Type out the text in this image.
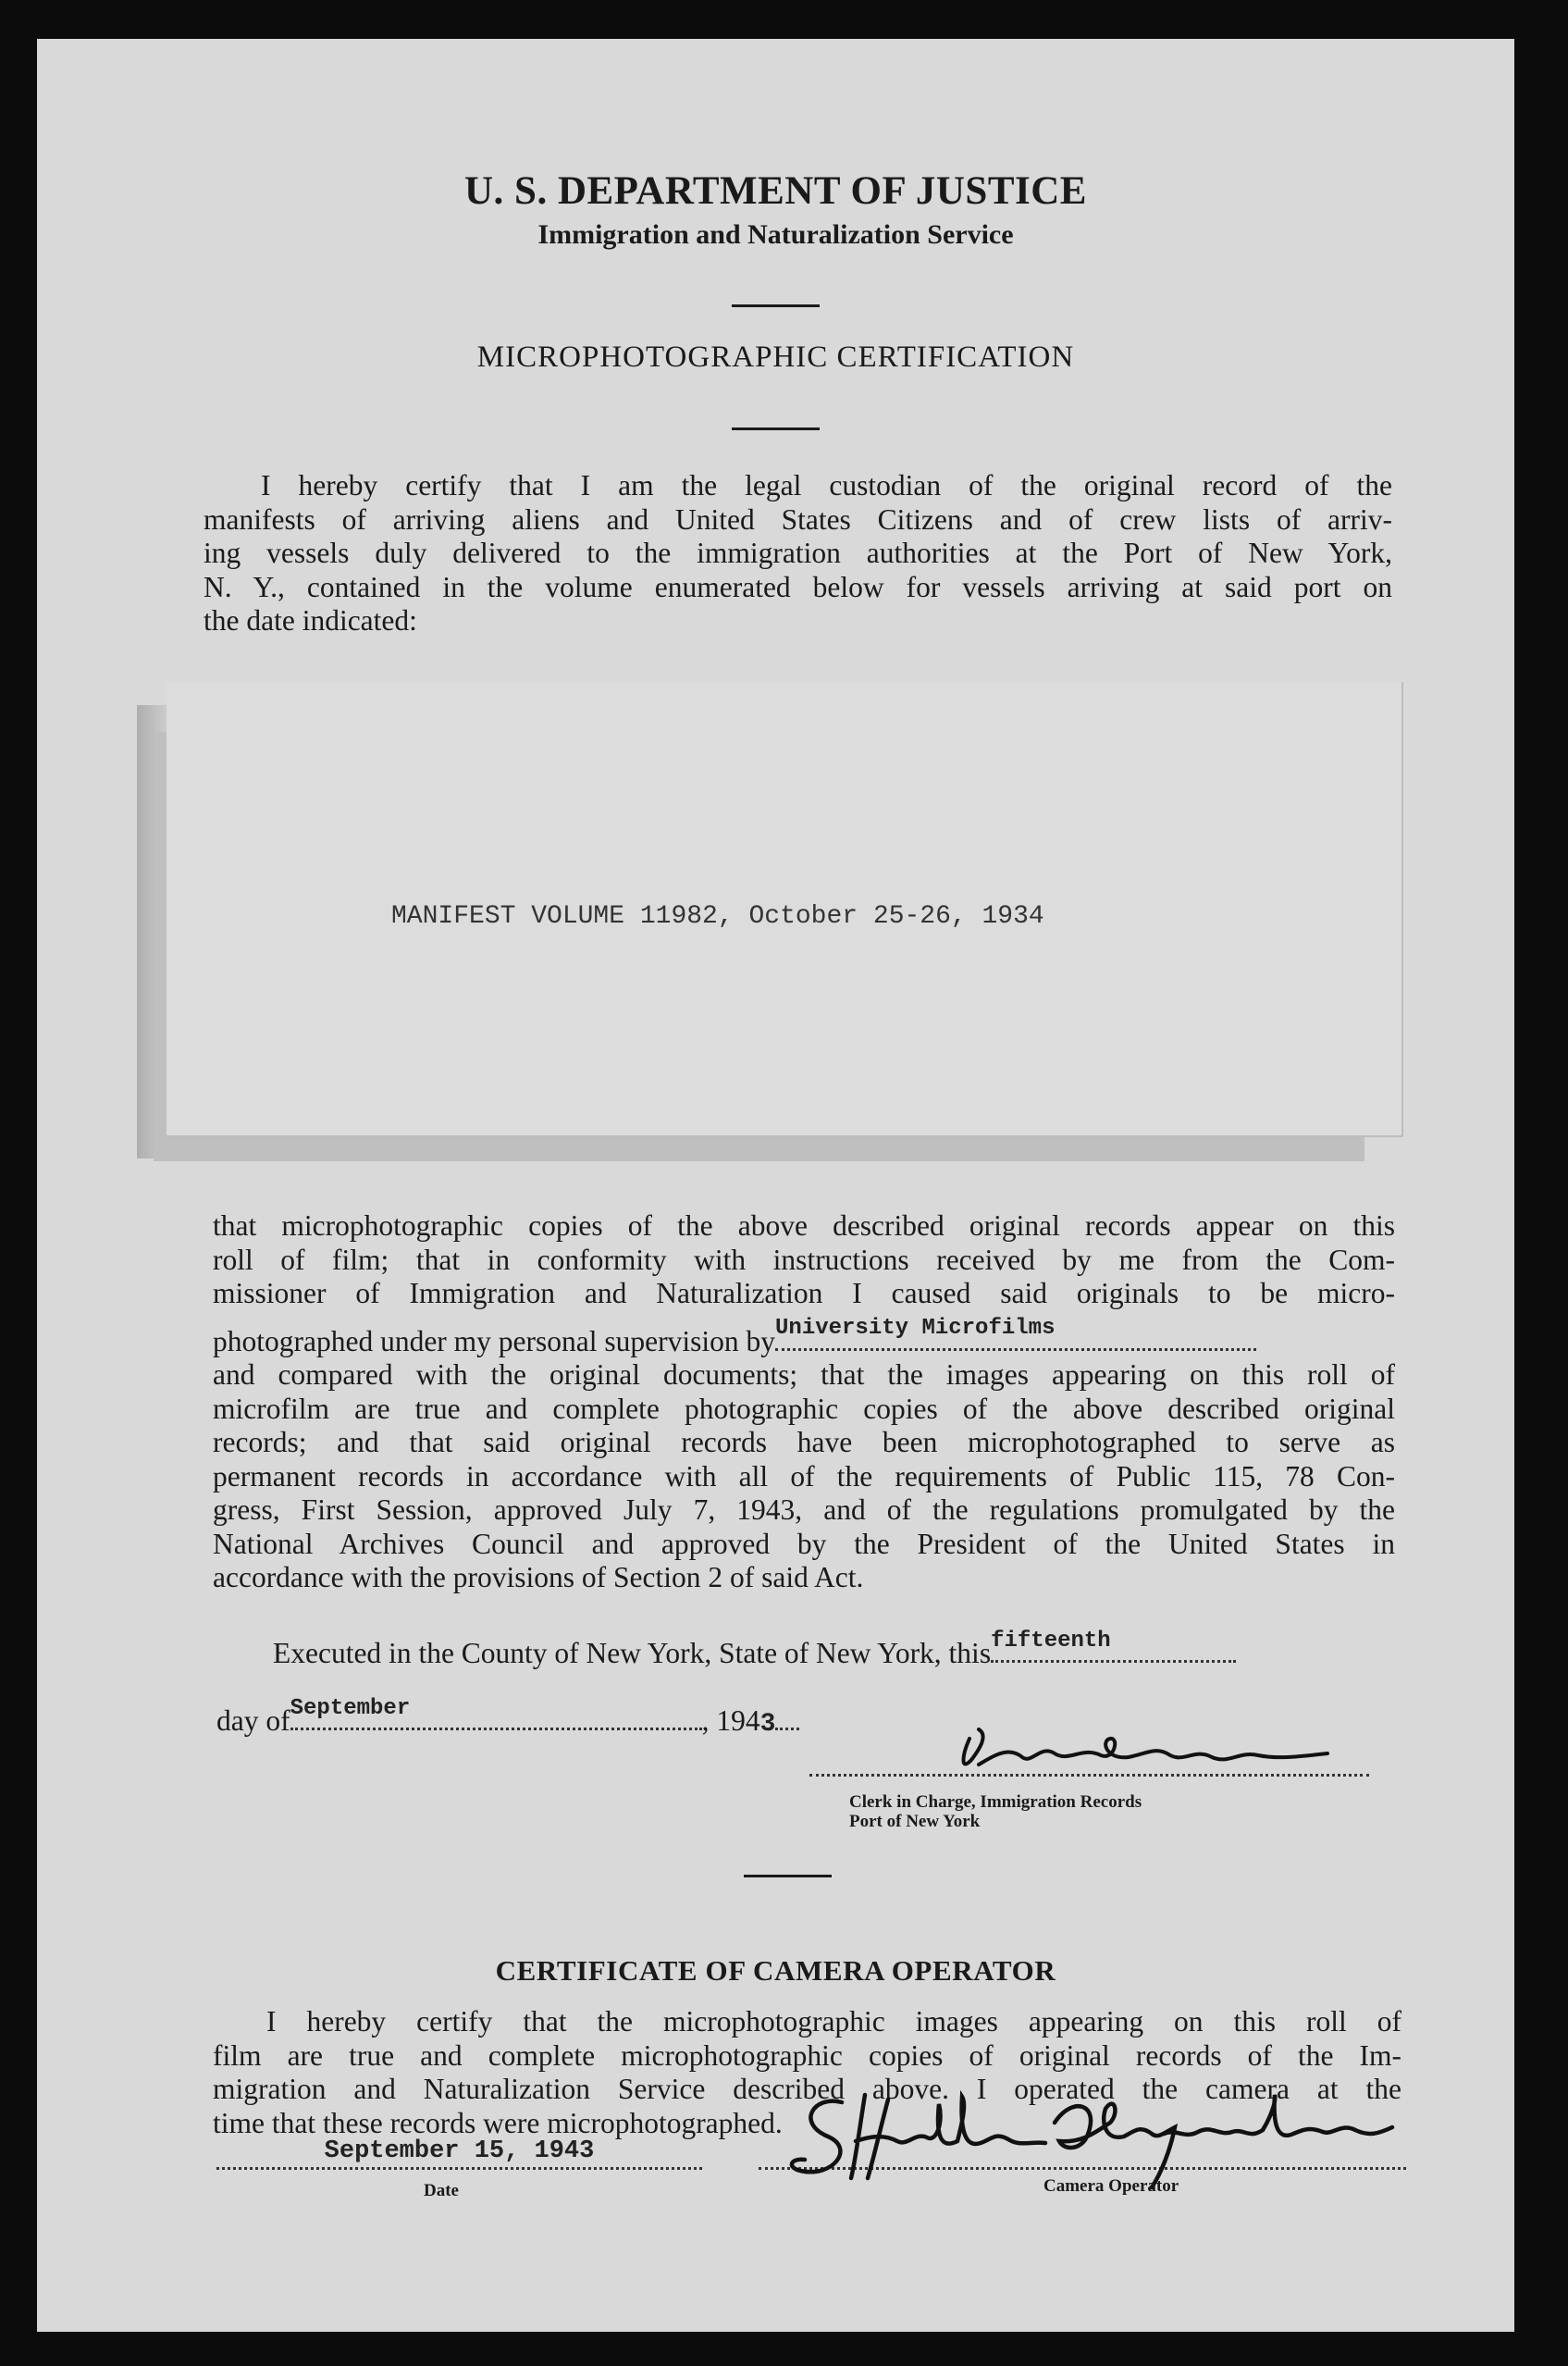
U. S. DEPARTMENT OF JUSTICE
Immigration and Naturalization Service
MICROPHOTOGRAPHIC CERTIFICATION
I hereby certify that I am the legal custodian of the original record of the
manifests of arriving aliens and United States Citizens and of crew lists of arriv-
ing vessels duly delivered to the immigration authorities at the Port of New York,
N. Y., contained in the volume enumerated below for vessels arriving at said port on
the date indicated:
MANIFEST VOLUME 11982, October 25-26, 1934
that microphotographic copies of the above described original records appear on this
roll of film; that in conformity with instructions received by me from the Com-
missioner of Immigration and Naturalization I caused said originals to be micro-
photographed under my personal supervision by University Microfilms
and compared with the original documents; that the images appearing on this roll of
microfilm are true and complete photographic copies of the above described original
records; and that said original records have been microphotographed to serve as
permanent records in accordance with all of the requirements of Public 115, 78 Con-
gress, First Session, approved July 7, 1943, and of the regulations promulgated by the
National Archives Council and approved by the President of the United States in
accordance with the provisions of Section 2 of said Act.
Executed in the County of New York, State of New York, this fifteenth
day of September	, 1943
Clerk in Charge, Immigration Records
Port of New York
CERTIFICATE OF CAMERA OPERATOR
I hereby certify that the microphotographic images appearing on this roll of
film are true and complete microphotographic copies of original records of the Im-
migration and Naturalization Service described above. I operated the camera at the
time that these records were microphotographed.
September 15, 1943
Date	Camera Operator
